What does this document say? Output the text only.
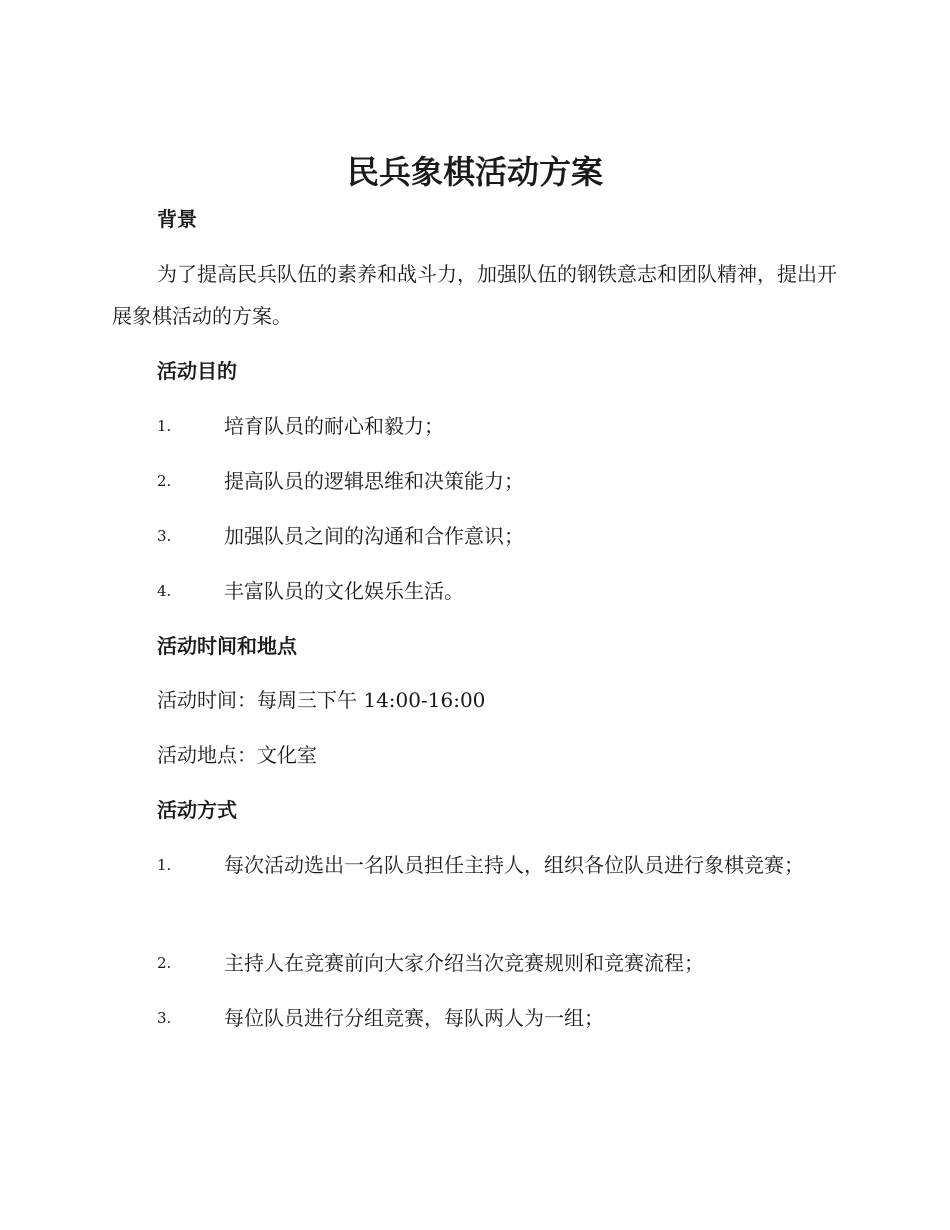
民兵象棋活动方案
背景

为了提高民兵队伍的素养和战斗力，加强队伍的钢铁意志和团队精神，提出开展象棋活动的方案。

活动目的
1.	培育队员的耐心和毅力；
2.	提高队员的逻辑思维和决策能力；
3.	加强队员之间的沟通和合作意识；
4.	丰富队员的文化娱乐生活。
活动时间和地点

活动时间：每周三下午 14:00-16:00

活动地点：文化室

活动方式
1.	每次活动选出一名队员担任主持人，组织各位队员进行象棋竞赛；
2.	主持人在竞赛前向大家介绍当次竞赛规则和竞赛流程；
3.	每位队员进行分组竞赛，每队两人为一组；
